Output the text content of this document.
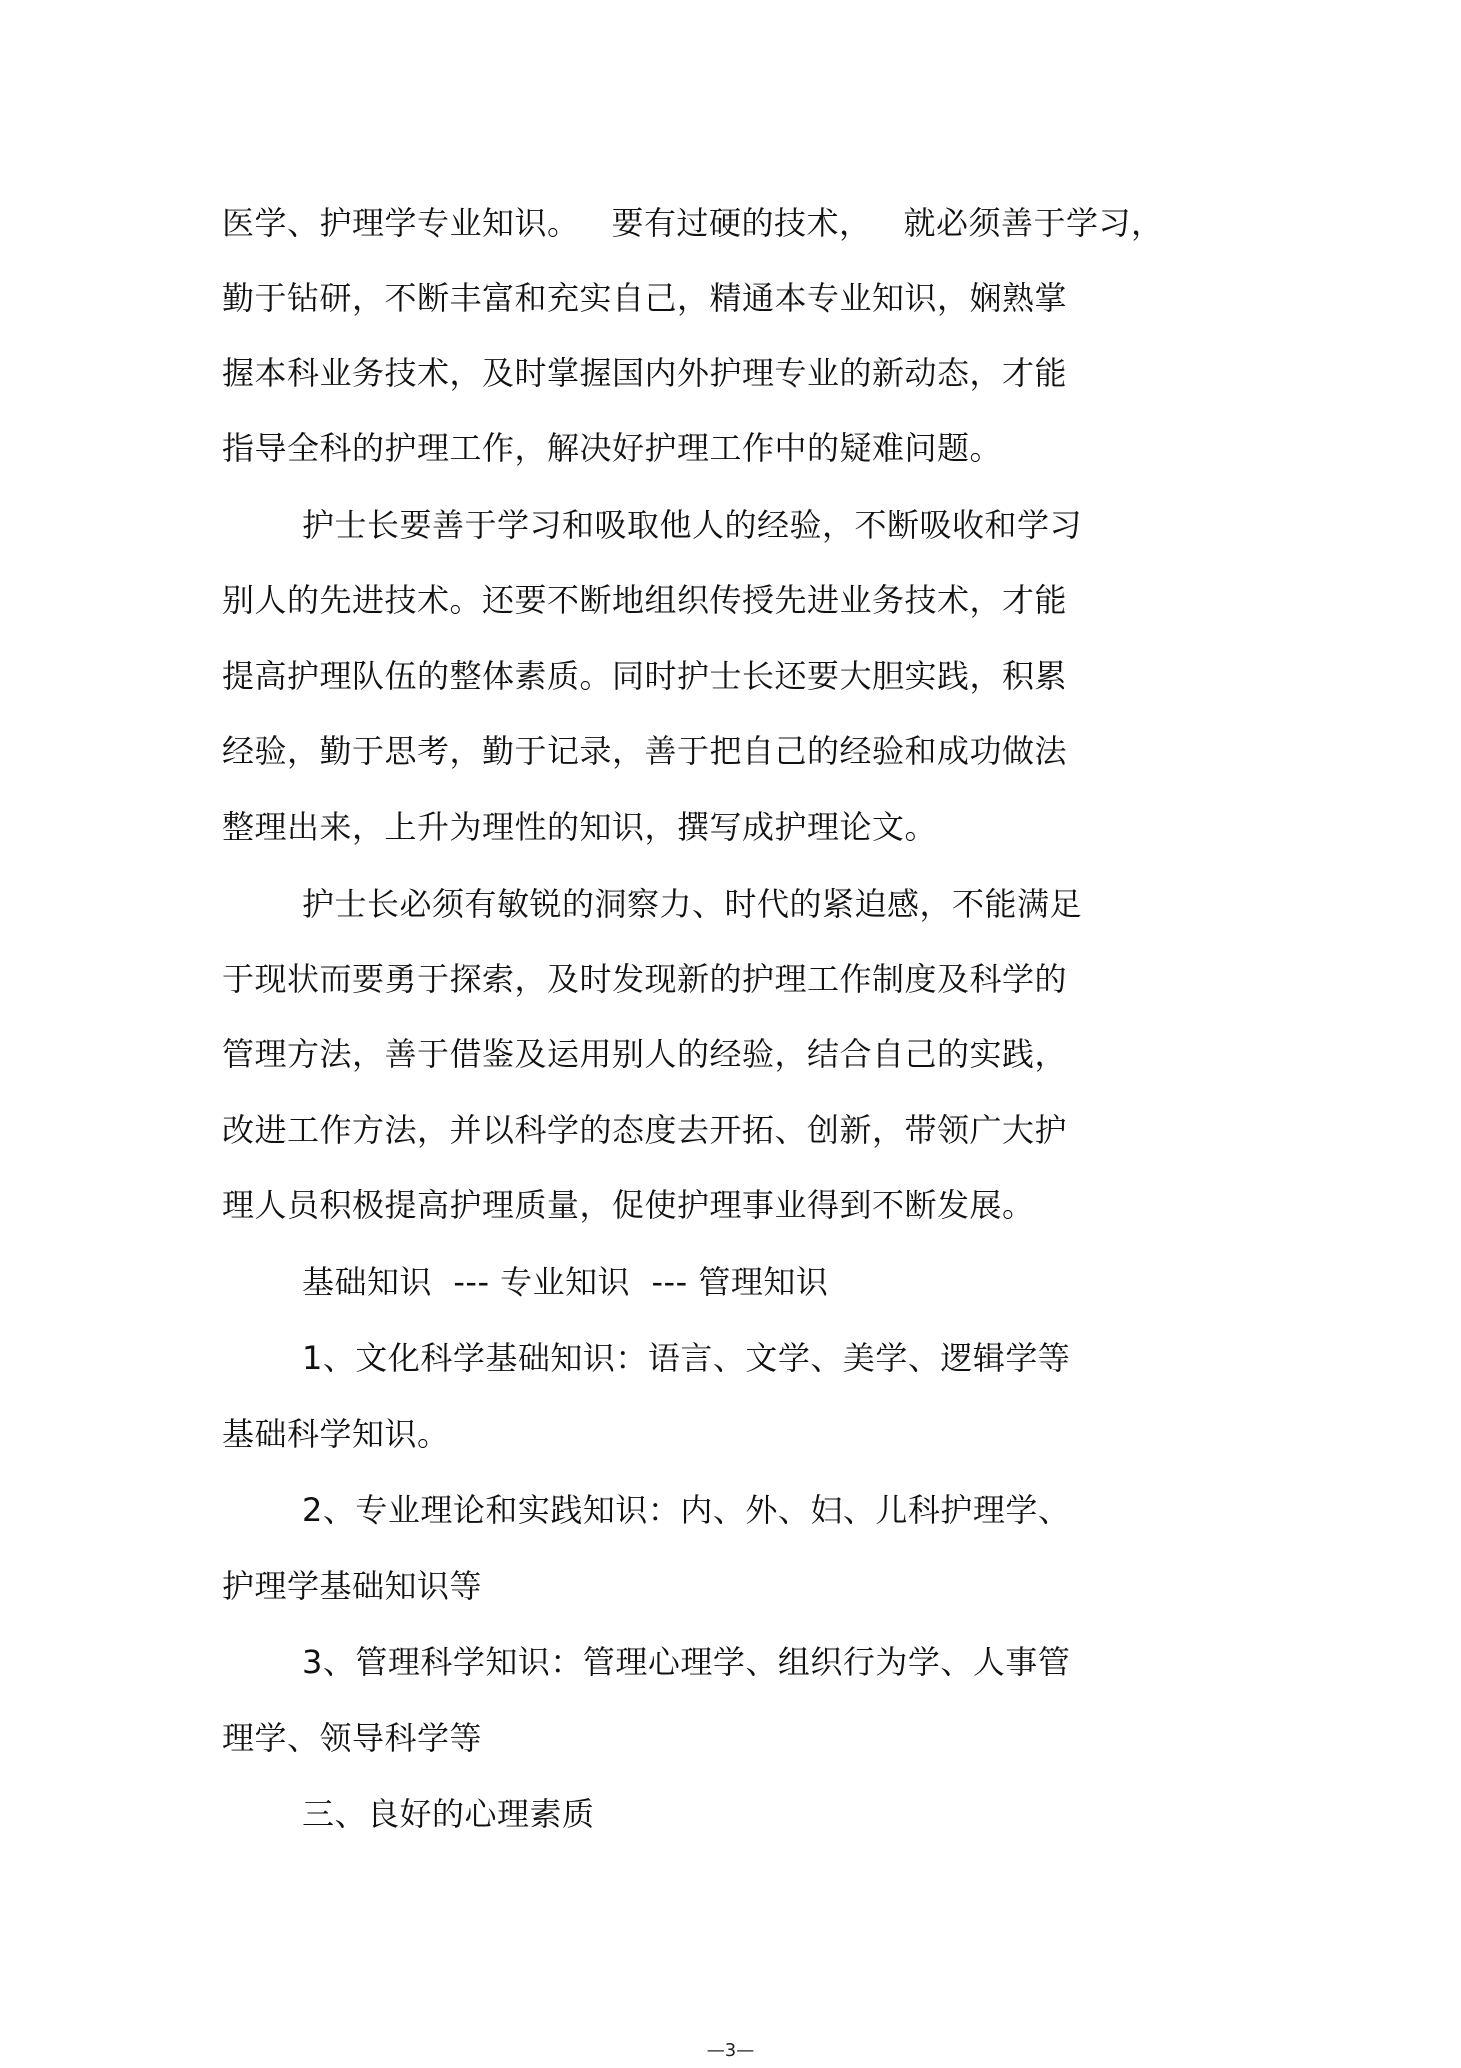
医学、护理学专业知识。   要有过硬的技术，   就必须善于学习，
勤于钻研，不断丰富和充实自己，精通本专业知识，娴熟掌
握本科业务技术，及时掌握国内外护理专业的新动态，才能
指导全科的护理工作，解决好护理工作中的疑难问题。
护士长要善于学习和吸取他人的经验，不断吸收和学习
别人的先进技术。还要不断地组织传授先进业务技术，才能
提高护理队伍的整体素质。同时护士长还要大胆实践，积累
经验，勤于思考，勤于记录，善于把自己的经验和成功做法
整理出来，上升为理性的知识，撰写成护理论文。
护士长必须有敏锐的洞察力、时代的紧迫感，不能满足
于现状而要勇于探索，及时发现新的护理工作制度及科学的
管理方法，善于借鉴及运用别人的经验，结合自己的实践，
改进工作方法，并以科学的态度去开拓、创新，带领广大护
理人员积极提高护理质量，促使护理事业得到不断发展。
基础知识  --- 专业知识  --- 管理知识
1、文化科学基础知识：语言、文学、美学、逻辑学等
基础科学知识。
2、专业理论和实践知识：内、外、妇、儿科护理学、
护理学基础知识等
3、管理科学知识：管理心理学、组织行为学、人事管
理学、领导科学等
三、良好的心理素质
—3—
